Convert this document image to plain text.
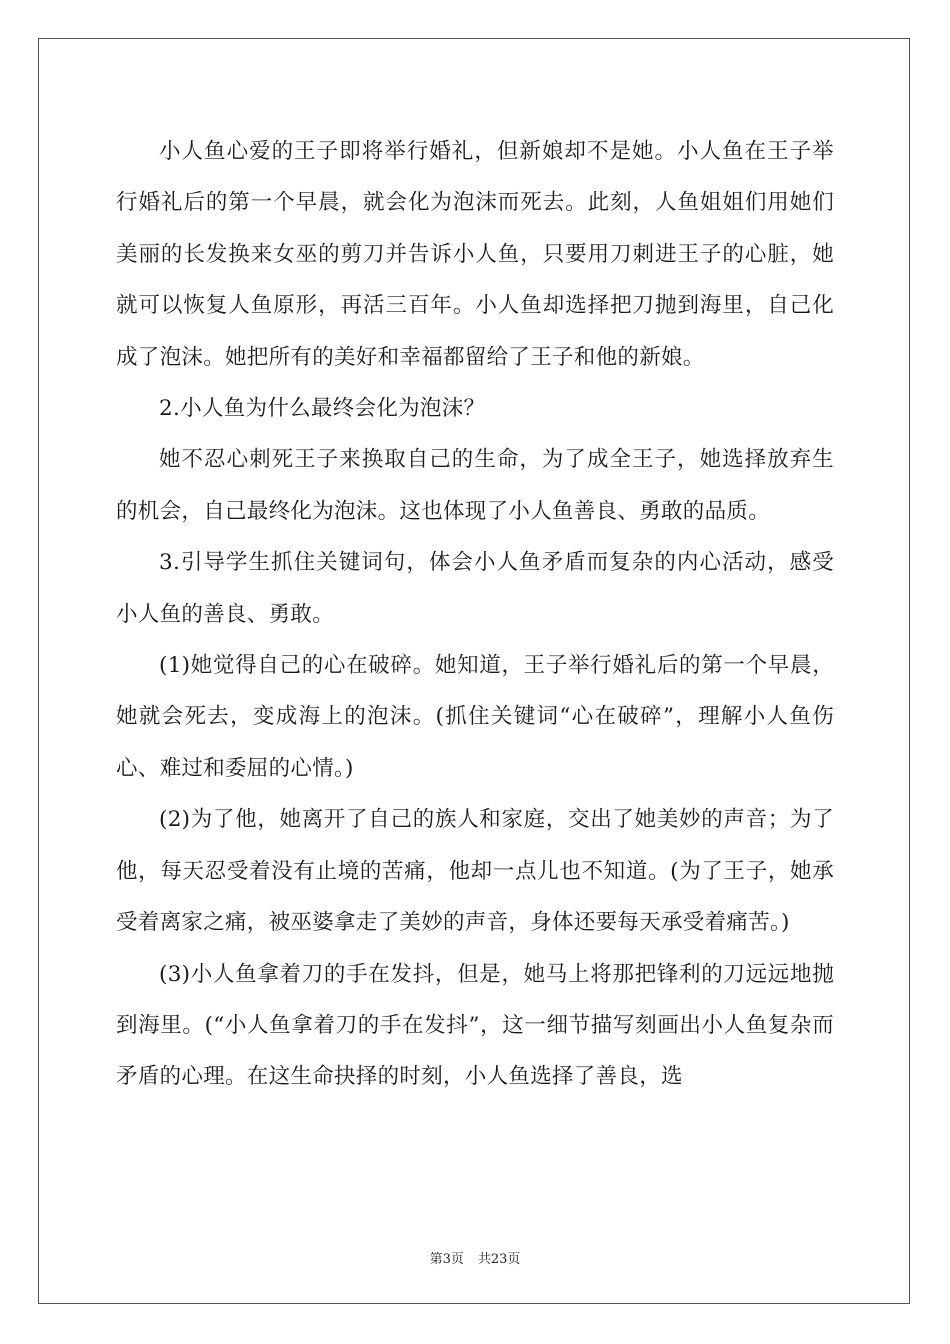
小人鱼心爱的王子即将举行婚礼，但新娘却不是她。小人鱼在王子举行婚礼后的第一个早晨，就会化为泡沫而死去。此刻，人鱼姐姐们用她们美丽的长发换来女巫的剪刀并告诉小人鱼，只要用刀刺进王子的心脏，她就可以恢复人鱼原形，再活三百年。小人鱼却选择把刀抛到海里，自己化成了泡沫。她把所有的美好和幸福都留给了王子和他的新娘。

2.小人鱼为什么最终会化为泡沫？

她不忍心刺死王子来换取自己的生命，为了成全王子，她选择放弃生的机会，自己最终化为泡沫。这也体现了小人鱼善良、勇敢的品质。

3.引导学生抓住关键词句，体会小人鱼矛盾而复杂的内心活动，感受小人鱼的善良、勇敢。

(1)她觉得自己的心在破碎。她知道，王子举行婚礼后的第一个早晨，她就会死去，变成海上的泡沫。(抓住关键词“心在破碎”，理解小人鱼伤心、难过和委屈的心情。)

(2)为了他，她离开了自己的族人和家庭，交出了她美妙的声音；为了他，每天忍受着没有止境的苦痛，他却一点儿也不知道。(为了王子，她承受着离家之痛，被巫婆拿走了美妙的声音，身体还要每天承受着痛苦。)

(3)小人鱼拿着刀的手在发抖，但是，她马上将那把锋利的刀远远地抛到海里。(“小人鱼拿着刀的手在发抖”，这一细节描写刻画出小人鱼复杂而矛盾的心理。在这生命抉择的时刻，小人鱼选择了善良，选

第3页 共23页
